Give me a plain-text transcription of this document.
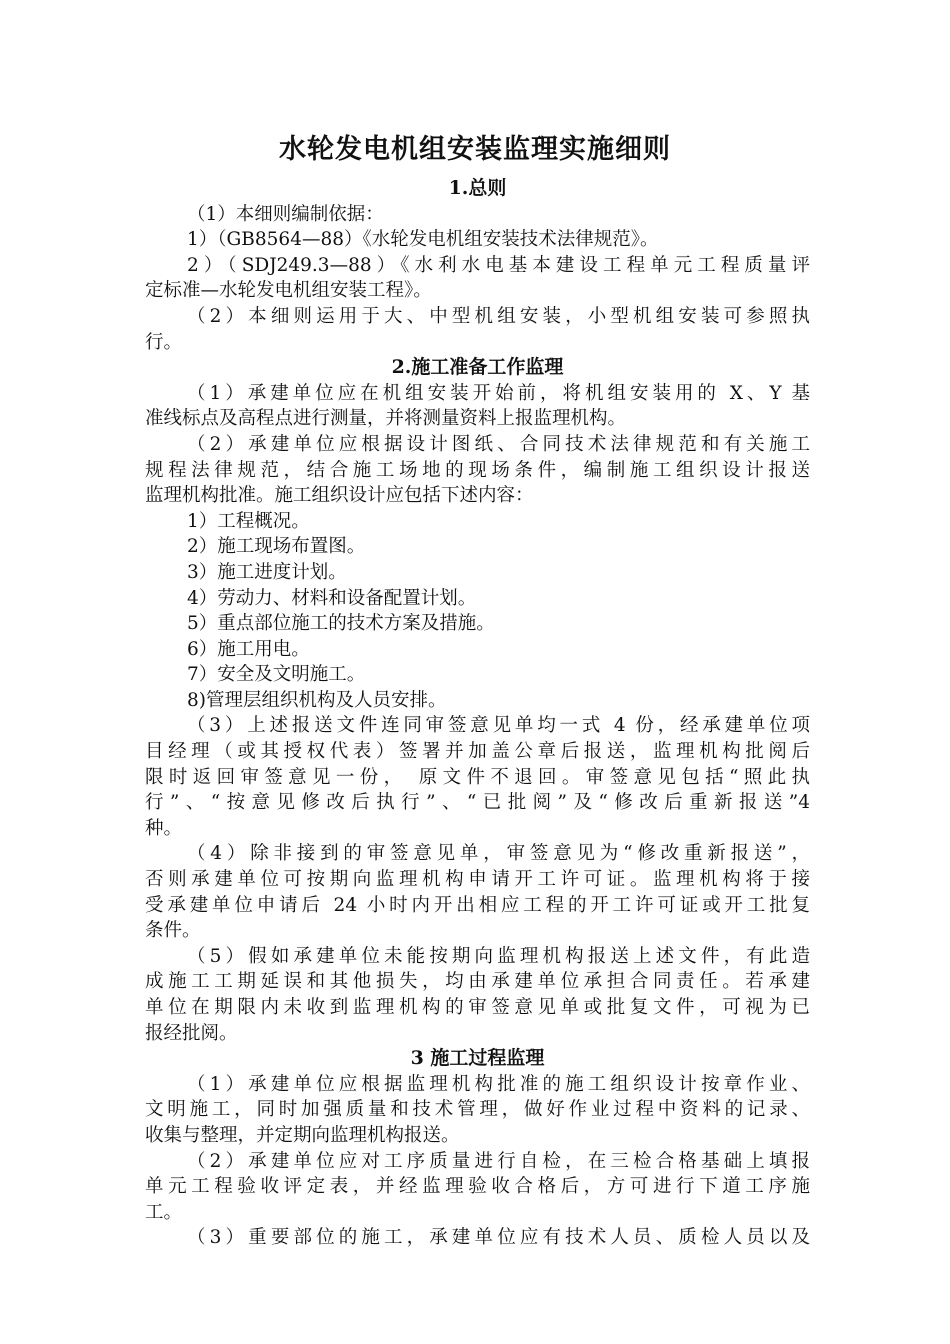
水轮发电机组安装监理实施细则
1.总则
（1）本细则编制依据：
1）（GB8564—88）《水轮发电机组安装技术法律规范》。
2）（SDJ249.3—88）《水利水电基本建设工程单元工程质量评
定标准—水轮发电机组安装工程》。
（2）本细则运用于大、中型机组安装，小型机组安装可参照执
行。
2.施工准备工作监理
（1）承建单位应在机组安装开始前，将机组安装用的 X、Y 基
准线标点及高程点进行测量，并将测量资料上报监理机构。
（2）承建单位应根据设计图纸、合同技术法律规范和有关施工
规程法律规范，结合施工场地的现场条件，编制施工组织设计报送
监理机构批准。施工组织设计应包括下述内容：
1）工程概况。
2）施工现场布置图。
3）施工进度计划。
4）劳动力、材料和设备配置计划。
5）重点部位施工的技术方案及措施。
6）施工用电。
7）安全及文明施工。
8)管理层组织机构及人员安排。
（3）上述报送文件连同审签意见单均一式 4 份，经承建单位项
目经理（或其授权代表）签署并加盖公章后报送，监理机构批阅后
限时返回审签意见一份， 原文件不退回。审签意见包括“照此执
行”、“按意见修改后执行”、“已批阅”及“修改后重新报送”4
种。
（4）除非接到的审签意见单，审签意见为“修改重新报送”，
否则承建单位可按期向监理机构申请开工许可证。监理机构将于接
受承建单位申请后 24 小时内开出相应工程的开工许可证或开工批复
条件。
（5）假如承建单位未能按期向监理机构报送上述文件，有此造
成施工工期延误和其他损失，均由承建单位承担合同责任。若承建
单位在期限内未收到监理机构的审签意见单或批复文件，可视为已
报经批阅。
3 施工过程监理
（1）承建单位应根据监理机构批准的施工组织设计按章作业、
文明施工，同时加强质量和技术管理，做好作业过程中资料的记录、
收集与整理，并定期向监理机构报送。
（2）承建单位应对工序质量进行自检，在三检合格基础上填报
单元工程验收评定表，并经监理验收合格后，方可进行下道工序施
工。
（3）重要部位的施工，承建单位应有技术人员、质检人员以及
